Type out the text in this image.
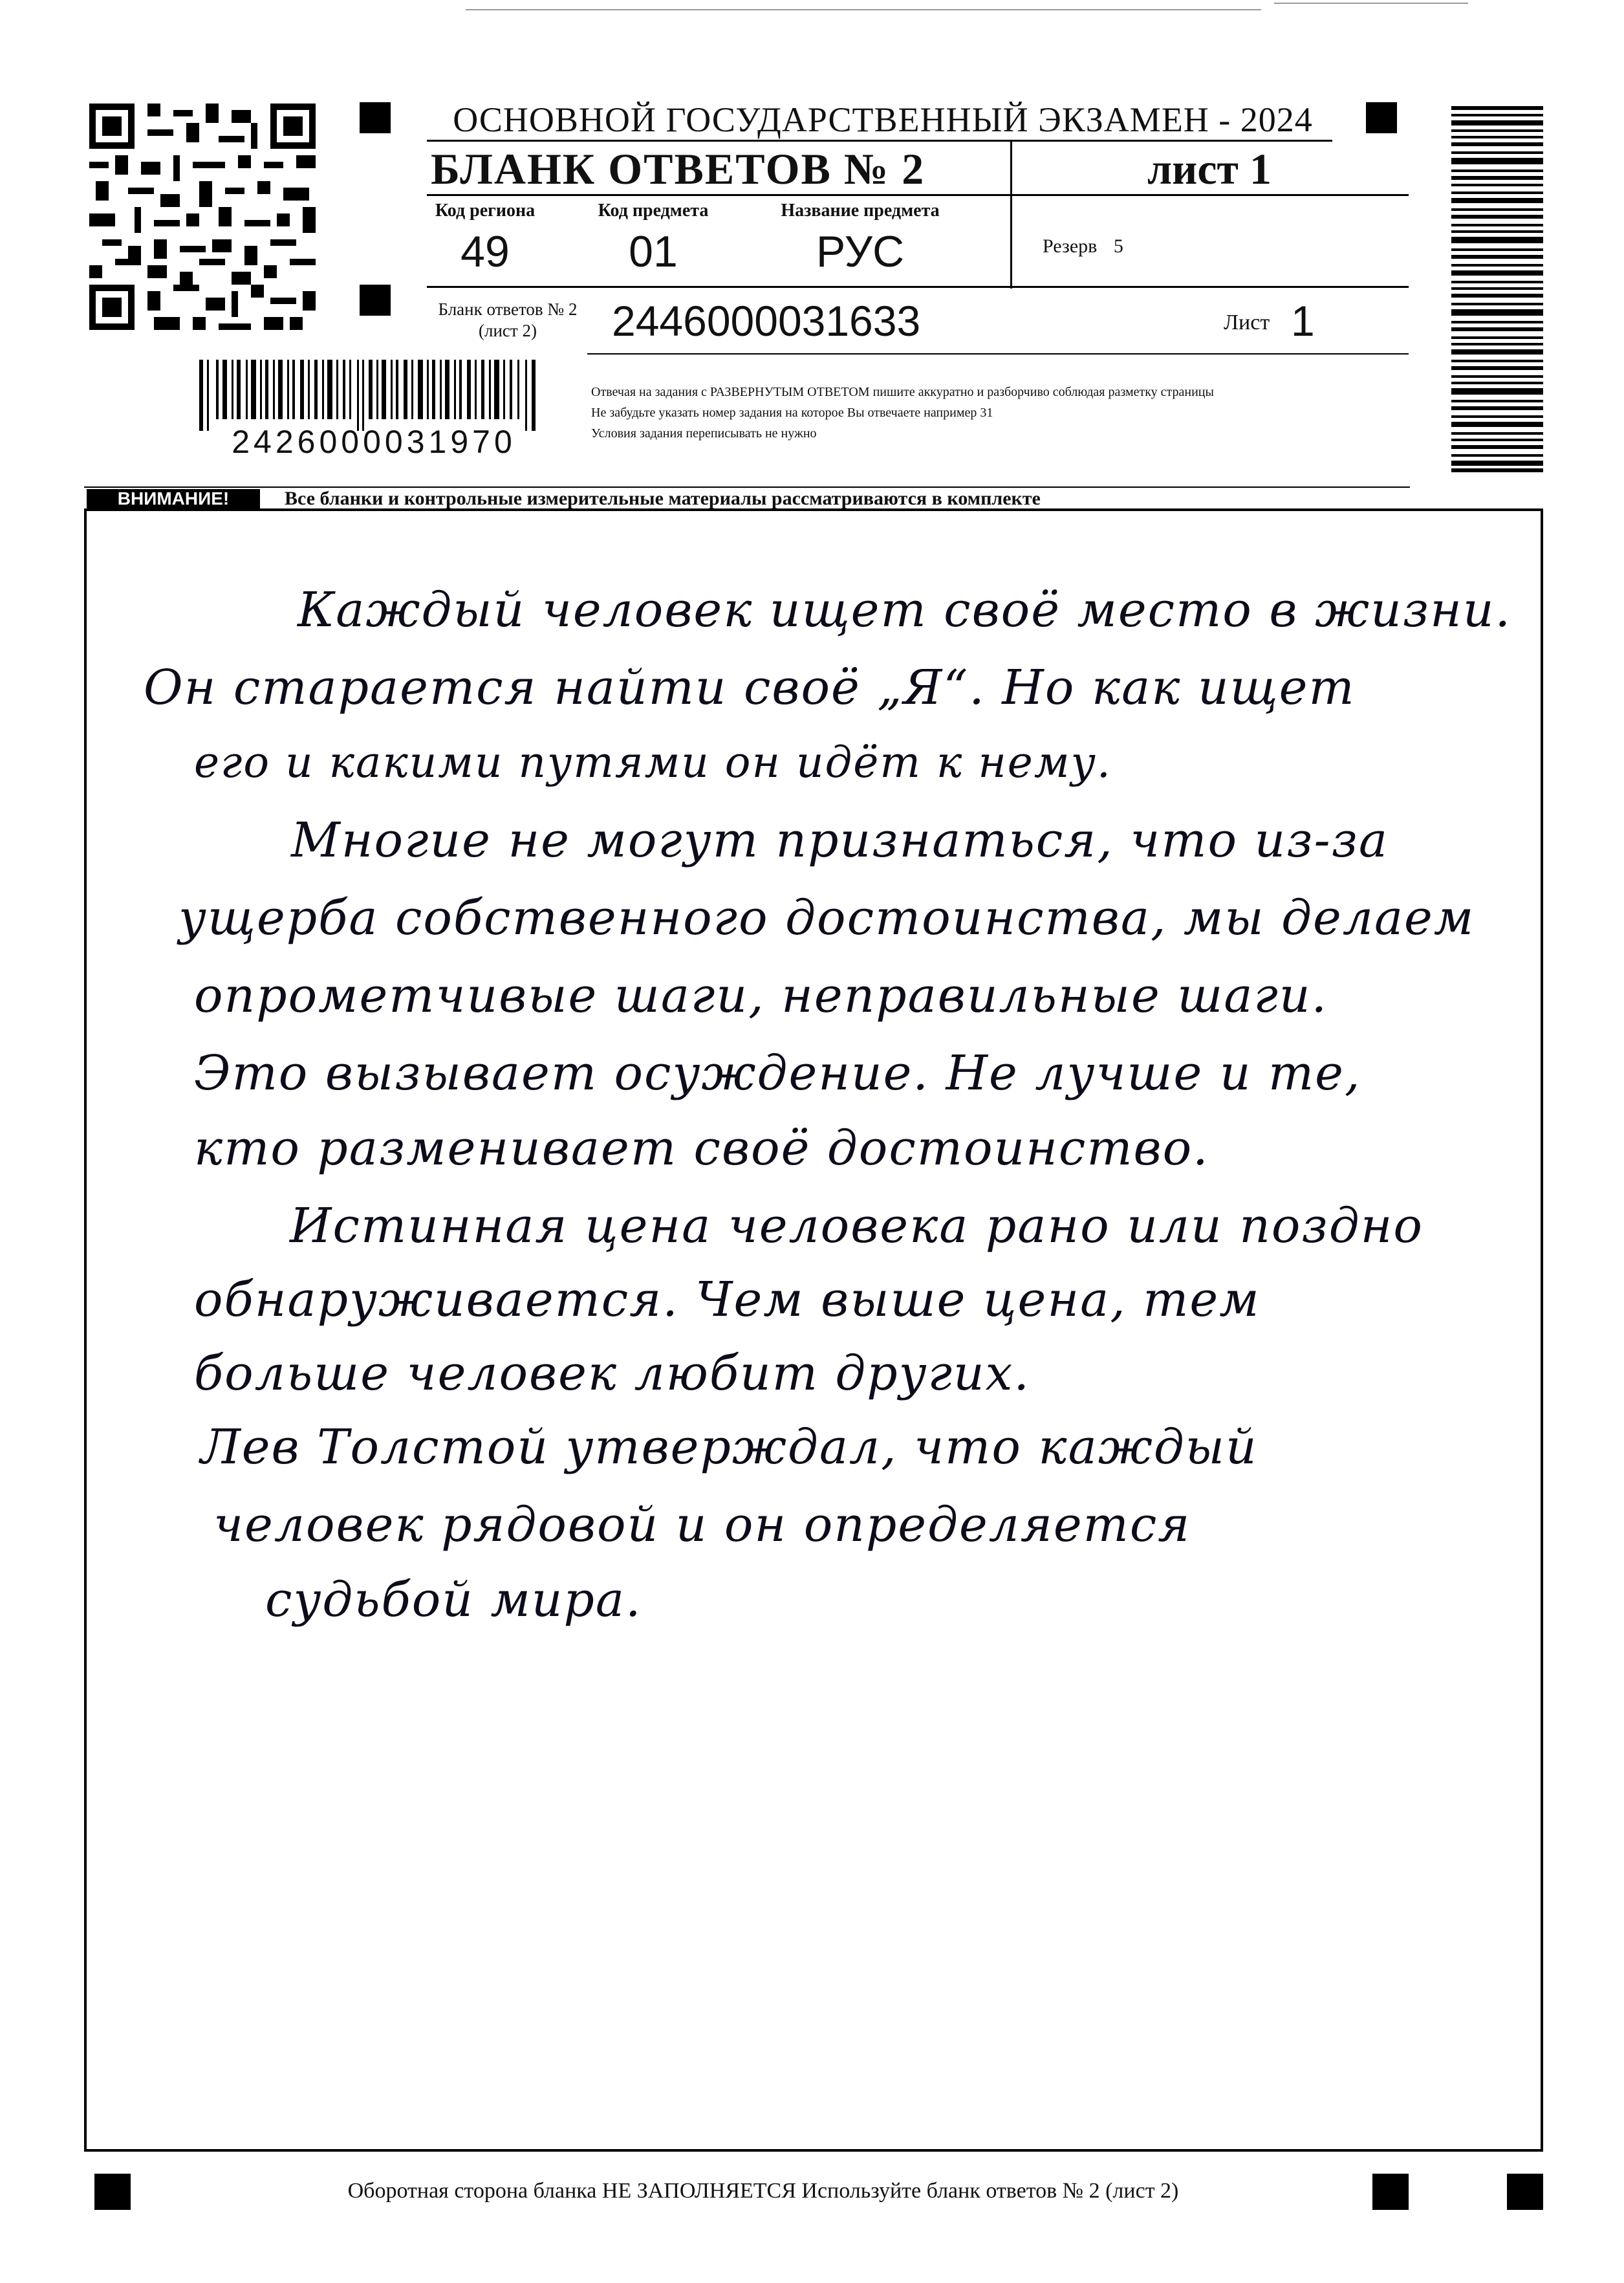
ОСНОВНОЙ ГОСУДАРСТВЕННЫЙ ЭКЗАМЕН - 2024
БЛАНК ОТВЕТОВ № 2	лист 1
Код региона
49
Код предмета
01
Название предмета
РУС	Резерв 5
Бланк ответов № 2
(лист 2)	2446000031633	Лист 1
2426000031970
Отвечая на задания с РАЗВЕРНУТЫМ ОТВЕТОМ пишите аккуратно и разборчиво соблюдая разметку страницы
Не забудьте указать номер задания на которое Вы отвечаете например 31
Условия задания переписывать не нужно
ВНИМАНИЕ!	Все бланки и контрольные измерительные материалы рассматриваются в комплекте
Каждый человек ищет своё место в жизни.
Он старается найти своё „Я“. Но как ищет
его и какими путями он идёт к нему.
Многие не могут признаться, что из-за
ущерба собственного достоинства, мы делаем
опрометчивые шаги, неправильные шаги.
Это вызывает осуждение. Не лучше и те,
кто разменивает своё достоинство.
Истинная цена человека рано или поздно
обнаруживается. Чем выше цена, тем
больше человек любит других.
Лев Толстой утверждал, что каждый
человек рядовой и он определяется
судьбой мира.
Оборотная сторона бланка НЕ ЗАПОЛНЯЕТСЯ Используйте бланк ответов № 2 (лист 2)
